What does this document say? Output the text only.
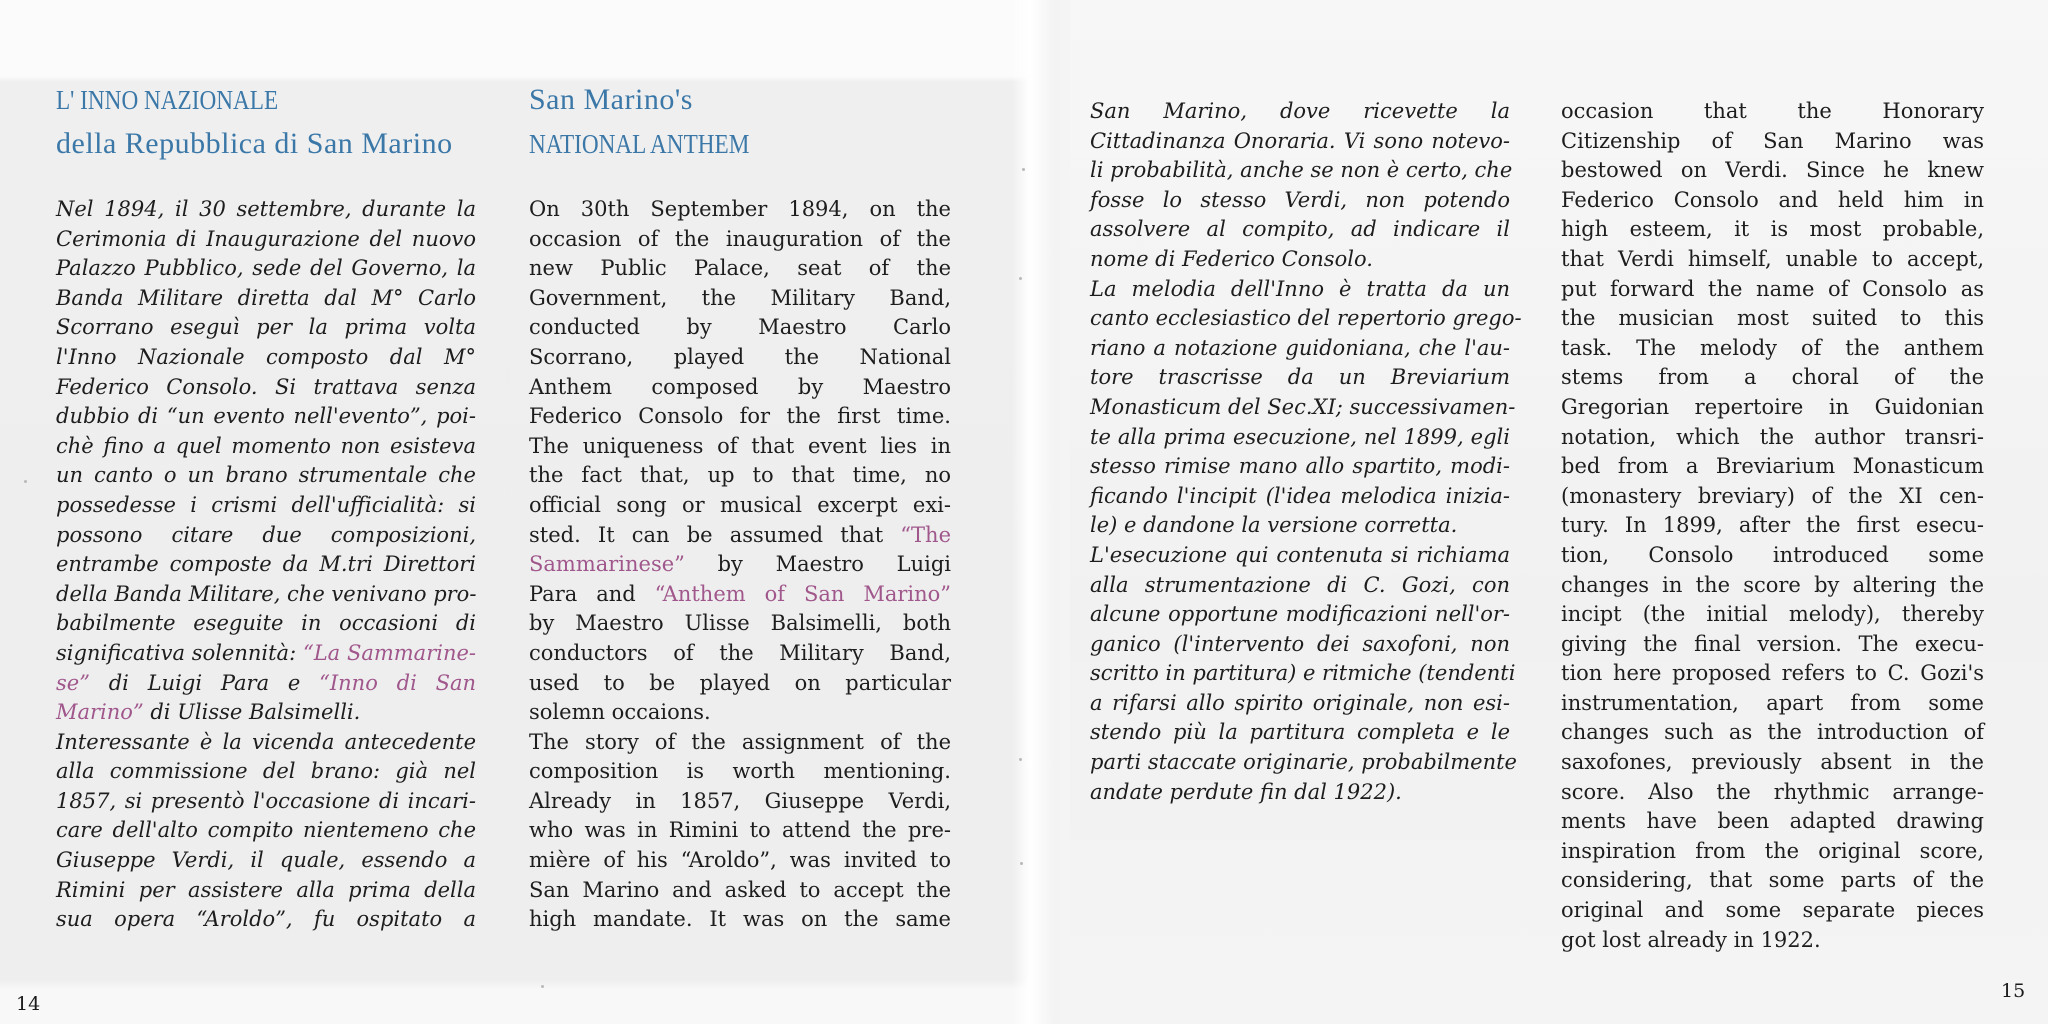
L' INNO NAZIONALE
della Repubblica di San Marino
San Marino's
NATIONAL ANTHEM
Nel 1894, il 30 settembre, durante la
Cerimonia di Inaugurazione del nuovo
Palazzo Pubblico, sede del Governo, la
Banda Militare diretta dal M° Carlo
Scorrano eseguì per la prima volta
l'Inno Nazionale composto dal M°
Federico Consolo. Si trattava senza
dubbio di “un evento nell'evento”, poi-
chè fino a quel momento non esisteva
un canto o un brano strumentale che
possedesse i crismi dell'ufficialità: si
possono citare due composizioni,
entrambe composte da M.tri Direttori
della Banda Militare, che venivano pro-
babilmente eseguite in occasioni di
significativa solennità: “La Sammarine-
se” di Luigi Para e “Inno di San
Marino” di Ulisse Balsimelli.
Interessante è la vicenda antecedente
alla commissione del brano: già nel
1857, si presentò l'occasione di incari-
care dell'alto compito nientemeno che
Giuseppe Verdi, il quale, essendo a
Rimini per assistere alla prima della
sua opera “Aroldo”, fu ospitato a
On 30th September 1894, on the
occasion of the inauguration of the
new Public Palace, seat of the
Government, the Military Band,
conducted by Maestro Carlo
Scorrano, played the National
Anthem composed by Maestro
Federico Consolo for the first time.
The uniqueness of that event lies in
the fact that, up to that time, no
official song or musical excerpt exi-
sted. It can be assumed that “The
Sammarinese” by Maestro Luigi
Para and “Anthem of San Marino”
by Maestro Ulisse Balsimelli, both
conductors of the Military Band,
used to be played on particular
solemn occaions.
The story of the assignment of the
composition is worth mentioning.
Already in 1857, Giuseppe Verdi,
who was in Rimini to attend the pre-
mière of his “Aroldo”, was invited to
San Marino and asked to accept the
high mandate. It was on the same
14
San Marino, dove ricevette la
Cittadinanza Onoraria. Vi sono notevo-
li probabilità, anche se non è certo, che
fosse lo stesso Verdi, non potendo
assolvere al compito, ad indicare il
nome di Federico Consolo.
La melodia dell'Inno è tratta da un
canto ecclesiastico del repertorio grego-
riano a notazione guidoniana, che l'au-
tore trascrisse da un Breviarium
Monasticum del Sec.XI; successivamen-
te alla prima esecuzione, nel 1899, egli
stesso rimise mano allo spartito, modi-
ficando l'incipit (l'idea melodica inizia-
le) e dandone la versione corretta.
L'esecuzione qui contenuta si richiama
alla strumentazione di C. Gozi, con
alcune opportune modificazioni nell'or-
ganico (l'intervento dei saxofoni, non
scritto in partitura) e ritmiche (tendenti
a rifarsi allo spirito originale, non esi-
stendo più la partitura completa e le
parti staccate originarie, probabilmente
andate perdute fin dal 1922).
occasion that the Honorary
Citizenship of San Marino was
bestowed on Verdi. Since he knew
Federico Consolo and held him in
high esteem, it is most probable,
that Verdi himself, unable to accept,
put forward the name of Consolo as
the musician most suited to this
task. The melody of the anthem
stems from a choral of the
Gregorian repertoire in Guidonian
notation, which the author transri-
bed from a Breviarium Monasticum
(monastery breviary) of the XI cen-
tury. In 1899, after the first esecu-
tion, Consolo introduced some
changes in the score by altering the
incipt (the initial melody), thereby
giving the final version. The execu-
tion here proposed refers to C. Gozi's
instrumentation, apart from some
changes such as the introduction of
saxofones, previously absent in the
score. Also the rhythmic arrange-
ments have been adapted drawing
inspiration from the original score,
considering, that some parts of the
original and some separate pieces
got lost already in 1922.
15
